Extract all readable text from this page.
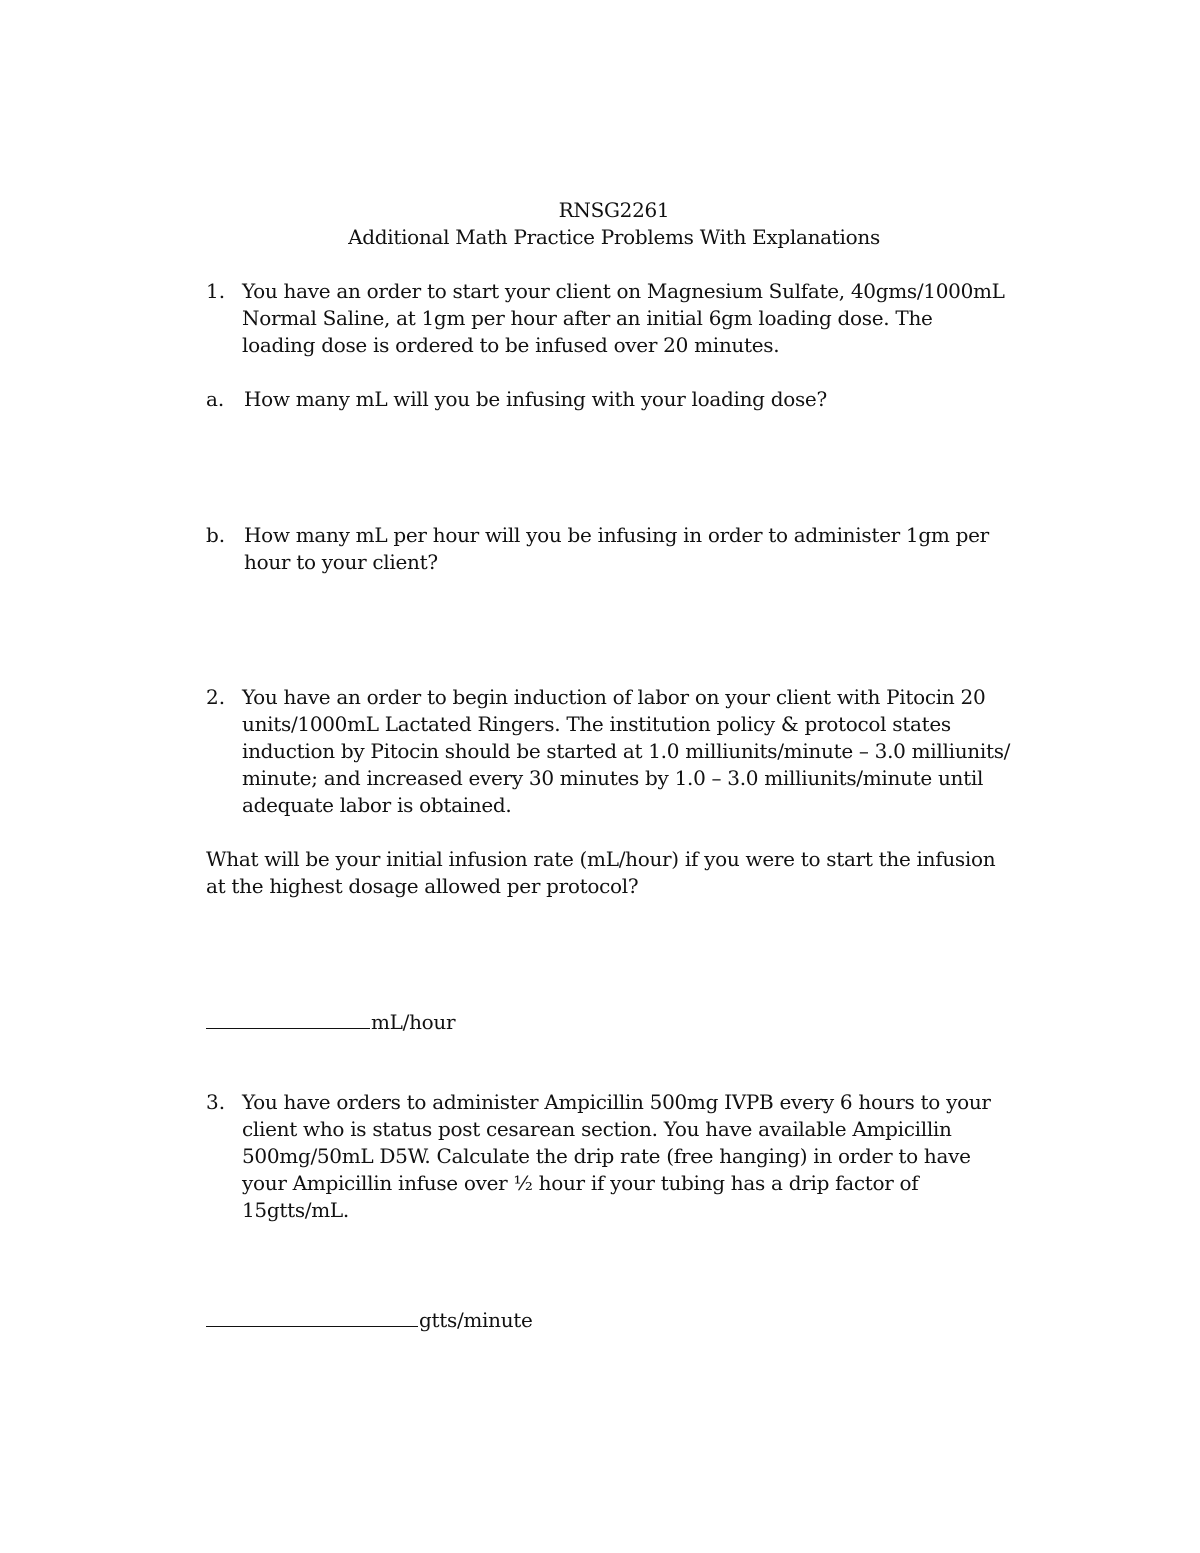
RNSG2261
Additional Math Practice Problems With Explanations
1. You have an order to start your client on Magnesium Sulfate, 40gms/1000mL
Normal Saline, at 1gm per hour after an initial 6gm loading dose. The
loading dose is ordered to be infused over 20 minutes.
a. How many mL will you be infusing with your loading dose?
b. How many mL per hour will you be infusing in order to administer 1gm per
hour to your client?
2. You have an order to begin induction of labor on your client with Pitocin 20
units/1000mL Lactated Ringers. The institution policy & protocol states
induction by Pitocin should be started at 1.0 milliunits/minute – 3.0 milliunits/
minute; and increased every 30 minutes by 1.0 – 3.0 milliunits/minute until
adequate labor is obtained.
What will be your initial infusion rate (mL/hour) if you were to start the infusion
at the highest dosage allowed per protocol?
mL/hour
3. You have orders to administer Ampicillin 500mg IVPB every 6 hours to your
client who is status post cesarean section. You have available Ampicillin
500mg/50mL D5W. Calculate the drip rate (free hanging) in order to have
your Ampicillin infuse over ½ hour if your tubing has a drip factor of
15gtts/mL.
gtts/minute
